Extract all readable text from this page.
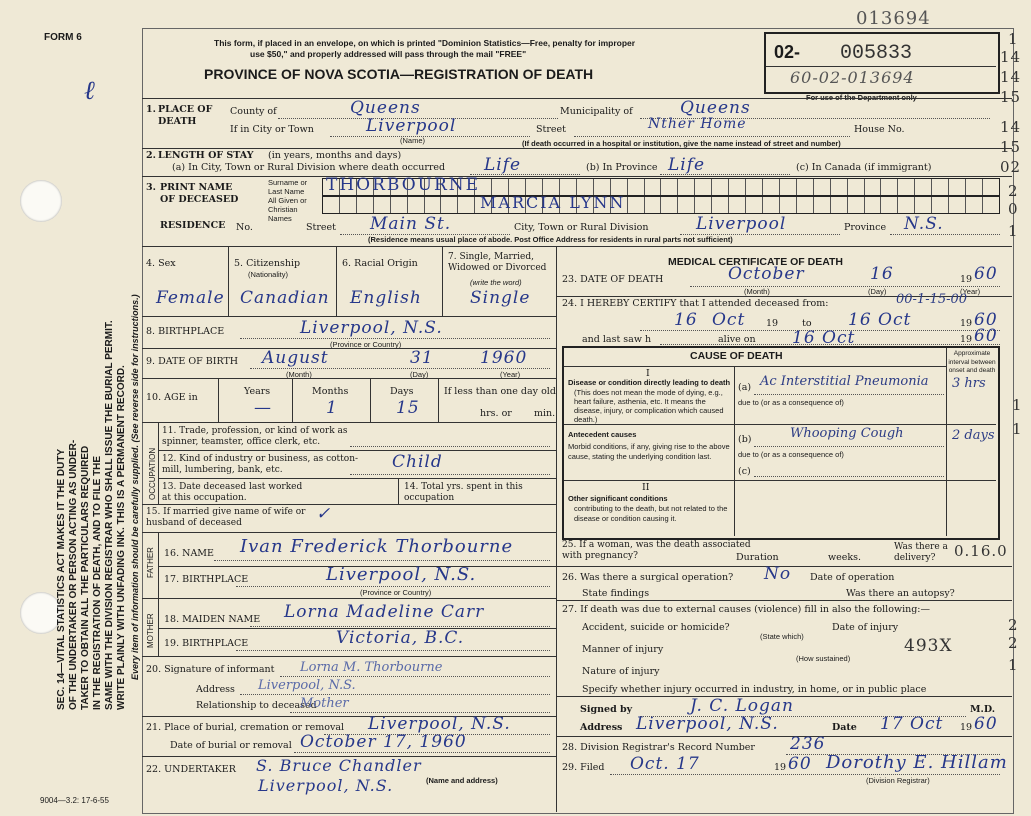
FORM 6
ℓ
SEC. 14—VITAL STATISTICS ACT MAKES IT THE DUTY OF THE UNDERTAKER OR PERSON ACTING AS UNDER- TAKER TO OBTAIN ALL THE PARTICULARS REQUIRED IN THE REGISTRATION OF DEATH, AND TO FILE THE SAME WITH THE DIVISION REGISTRAR WHO SHALL ISSUE THE BURIAL PERMIT. WRITE PLAINLY WITH UNFADING INK. THIS IS A PERMANENT RECORD. Every item of information should be carefully supplied. (See reverse side for instructions.)
This form, if placed in an envelope, on which is printed "Dominion Statistics—Free, penalty for improper
use $50," and properly addressed will pass through the mail "FREE"
PROVINCE OF NOVA SCOTIA—REGISTRATION OF DEATH
013694
02- 005833
60-02-013694
For use of the Department only
1
14
14
15
14
15
02
2
0
1
1
1
2
2
1
1. PLACE OF DEATH
County of	Queens	Municipality of	Queens
If in City or Town	Liverpool
(Name)
Street	Nther Home	House No.
(If death occurred in a hospital or institution, give the name instead of street and number)
2. LENGTH OF STAY (in years, months and days)
(a) In City, Town or Rural Division where death occurred Life	(b) In Province Life	(c) In Canada (if immigrant)
3. PRINT NAME
OF DECEASED
Surname or Last Name
All Given or Christian Names
THORBOURNE
MARCIA LYNN
RESIDENCE No.	Street Main St.	City, Town or Rural Division	Liverpool	Province N.S.
(Residence means usual place of abode. Post Office Address for residents in rural parts not sufficient)
4. Sex	5. Citizenship
(Nationality)
6. Racial Origin
7. Single, Married, Widowed or Divorced
(write the word)
Female Canadian English	Single
8. BIRTHPLACE	Liverpool, N.S.
(Province or Country)
9. DATE OF BIRTH August	31	1960
(Month)	(Day)	(Year)
10. AGE in
Years	Months	Days	If less than one day old
hrs. or min.
—	1	15
OCCUPATION
11. Trade, profession, or kind of work as spinner, teamster, office clerk, etc.
12. Kind of industry or business, as cotton-mill, lumbering, bank, etc.	Child
13. Date deceased last worked at this occupation.
14. Total yrs. spent in this occupation
15. If married give name of wife or husband of deceased	✓
FATHER 16. NAME Ivan Frederick Thorbourne
17. BIRTHPLACE	Liverpool, N.S.
(Province or Country)
MOTHER 18. MAIDEN NAME Lorna Madeline Carr
19. BIRTHPLACE	Victoria, B.C.
20. Signature of informant Lorna M. Thorbourne
Address Liverpool, N.S.
Relationship to deceased
Mother
21. Place of burial, cremation or removal Liverpool, N.S.
Date of burial or removal October 17, 1960
22. UNDERTAKER S. Bruce Chandler
Liverpool, N.S.	(Name and address)
9004—3.2: 17-6-55
MEDICAL CERTIFICATE OF DEATH
23. DATE OF DEATH	October	16	19 60
(Month)	(Day)	(Year)
24. I HEREBY CERTIFY that I attended deceased from:	00-1-15-00
16 Oct 19	to 16 Oct	19 60
and last saw h	alive on 16 Oct	19 60
CAUSE OF DEATH	Approximate interval between onset and death
I
Disease or condition directly leading to death
(This does not mean the mode of dying, e.g., heart failure, asthenia, etc. It means the disease, injury, or complication which caused death.)
(a) Ac Interstitial Pneumonia 3 hrs
due to (or as a consequence of)
Antecedent causes
Morbid conditions, if any, giving rise to the above cause, stating the underlying condition last.
(b)	Whooping Cough	2 days
due to (or as a consequence of)
(c)
II
Other significant conditions
contributing to the death, but not related to the disease or condition causing it.
25. If a woman, was the death associated with pregnancy?	Duration	weeks.
Was there a delivery?	0.16.0
26. Was there a surgical operation? No Date of operation
State findings	Was there an autopsy?
27. If death was due to external causes (violence) fill in also the following:—
Accident, suicide or homicide?
(State which)
Date of injury
Manner of injury	493X
(How sustained)
Nature of injury
Specify whether injury occurred in industry, in home, or in public place
Signed by	J. C. Logan	M.D.
Address Liverpool, N.S.	Date 17 Oct 19 60
28. Division Registrar's Record Number 236
29. Filed Oct. 17	19 60 Dorothy E. Hillam
(Division Registrar)
